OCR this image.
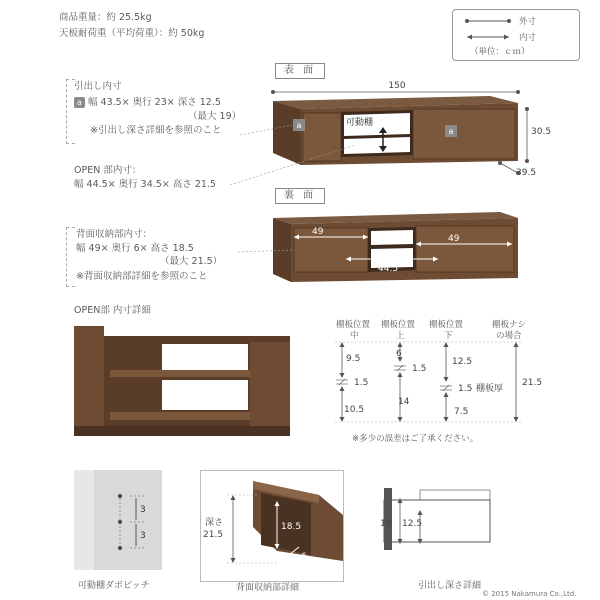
商品重量：約 25.5kg
天板耐荷重（平均荷重）：約 50kg
外寸
内寸
（単位：ｃｍ）
引出し内寸
a 幅 43.5× 奥行 23× 深さ 12.5
（最大 19）
※引出し深さ詳細を参照のこと
OPEN 部内寸：
幅 44.5× 奥行 34.5× 高さ 21.5
背面収納部内寸：
幅 49× 奥行 6× 高さ 18.5
（最大 21.5）
※背面収納部詳細を参照のこと
表 面
裏 面
a
a
可動棚
150
30.5
39.5
49
49
44.5
OPEN部 内寸詳細
棚板位置
中
棚板位置
上
棚板位置
下
棚板ナシ
の場合
9.5
1.5
10.5
6
1.5
14
12.5
1.5 棚板厚
7.5
21.5
※多少の誤差はご了承ください。
3
3
可動棚ダボピッチ
18.5
6
深さ
21.5
背面収納部詳細
19 12.5
引出し深さ詳細
© 2015 Nakamura Co.,Ltd.
